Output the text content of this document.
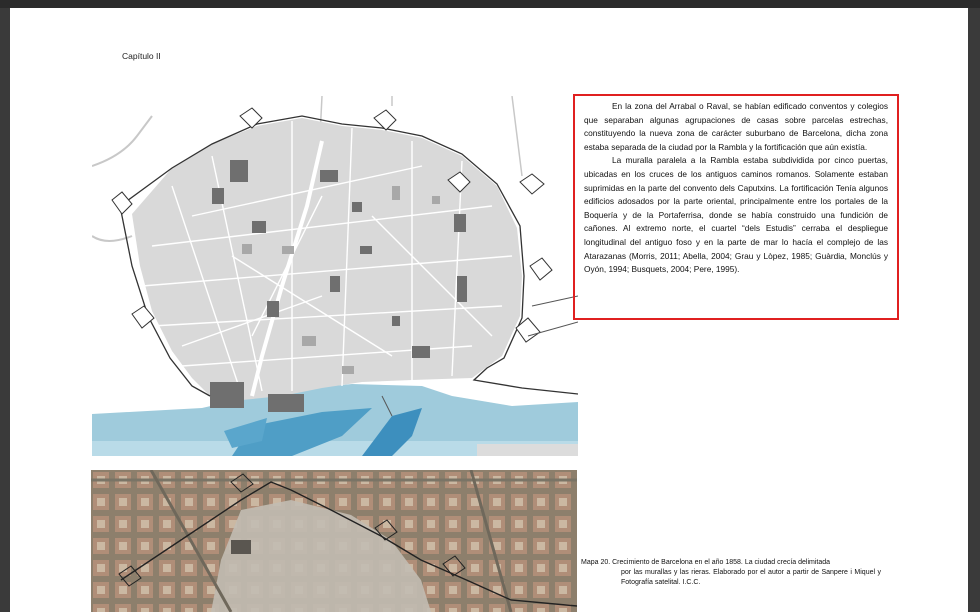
Capítulo II

En la zona del Arrabal o Raval, se habían edificado conventos y colegios que separaban algunas agrupaciones de casas sobre parcelas estrechas, constituyendo la nueva zona de carácter suburbano de Barcelona, dicha zona estaba separada de la ciudad por la Rambla y la fortificación que aún existía.

La muralla paralela a la Rambla estaba subdividida por cinco puertas, ubicadas en los cruces de los antiguos caminos romanos. Solamente estaban suprimidas en la parte del convento dels Caputxins. La fortificación Tenía algunos edificios adosados por la parte oriental, principalmente entre los portales de la Boquería y de la Portaferrisa, donde se había construido una fundición de cañones. Al extremo norte, el cuartel “dels Estudis” cerraba el despliegue longitudinal del antiguo foso y en la parte de mar lo hacía el complejo de las Atarazanas (Morris, 2011; Abella, 2004; Grau y Lòpez, 1985; Guàrdia, Monclús y Oyón, 1994; Busquets, 2004; Pere, 1995).

Mapa 20. Crecimiento de Barcelona en el año 1858. La ciudad crecía delimitada
por las murallas y las rieras. Elaborado por el autor a partir de Sanpere i Miquel y Fotografía satelital. I.C.C.
